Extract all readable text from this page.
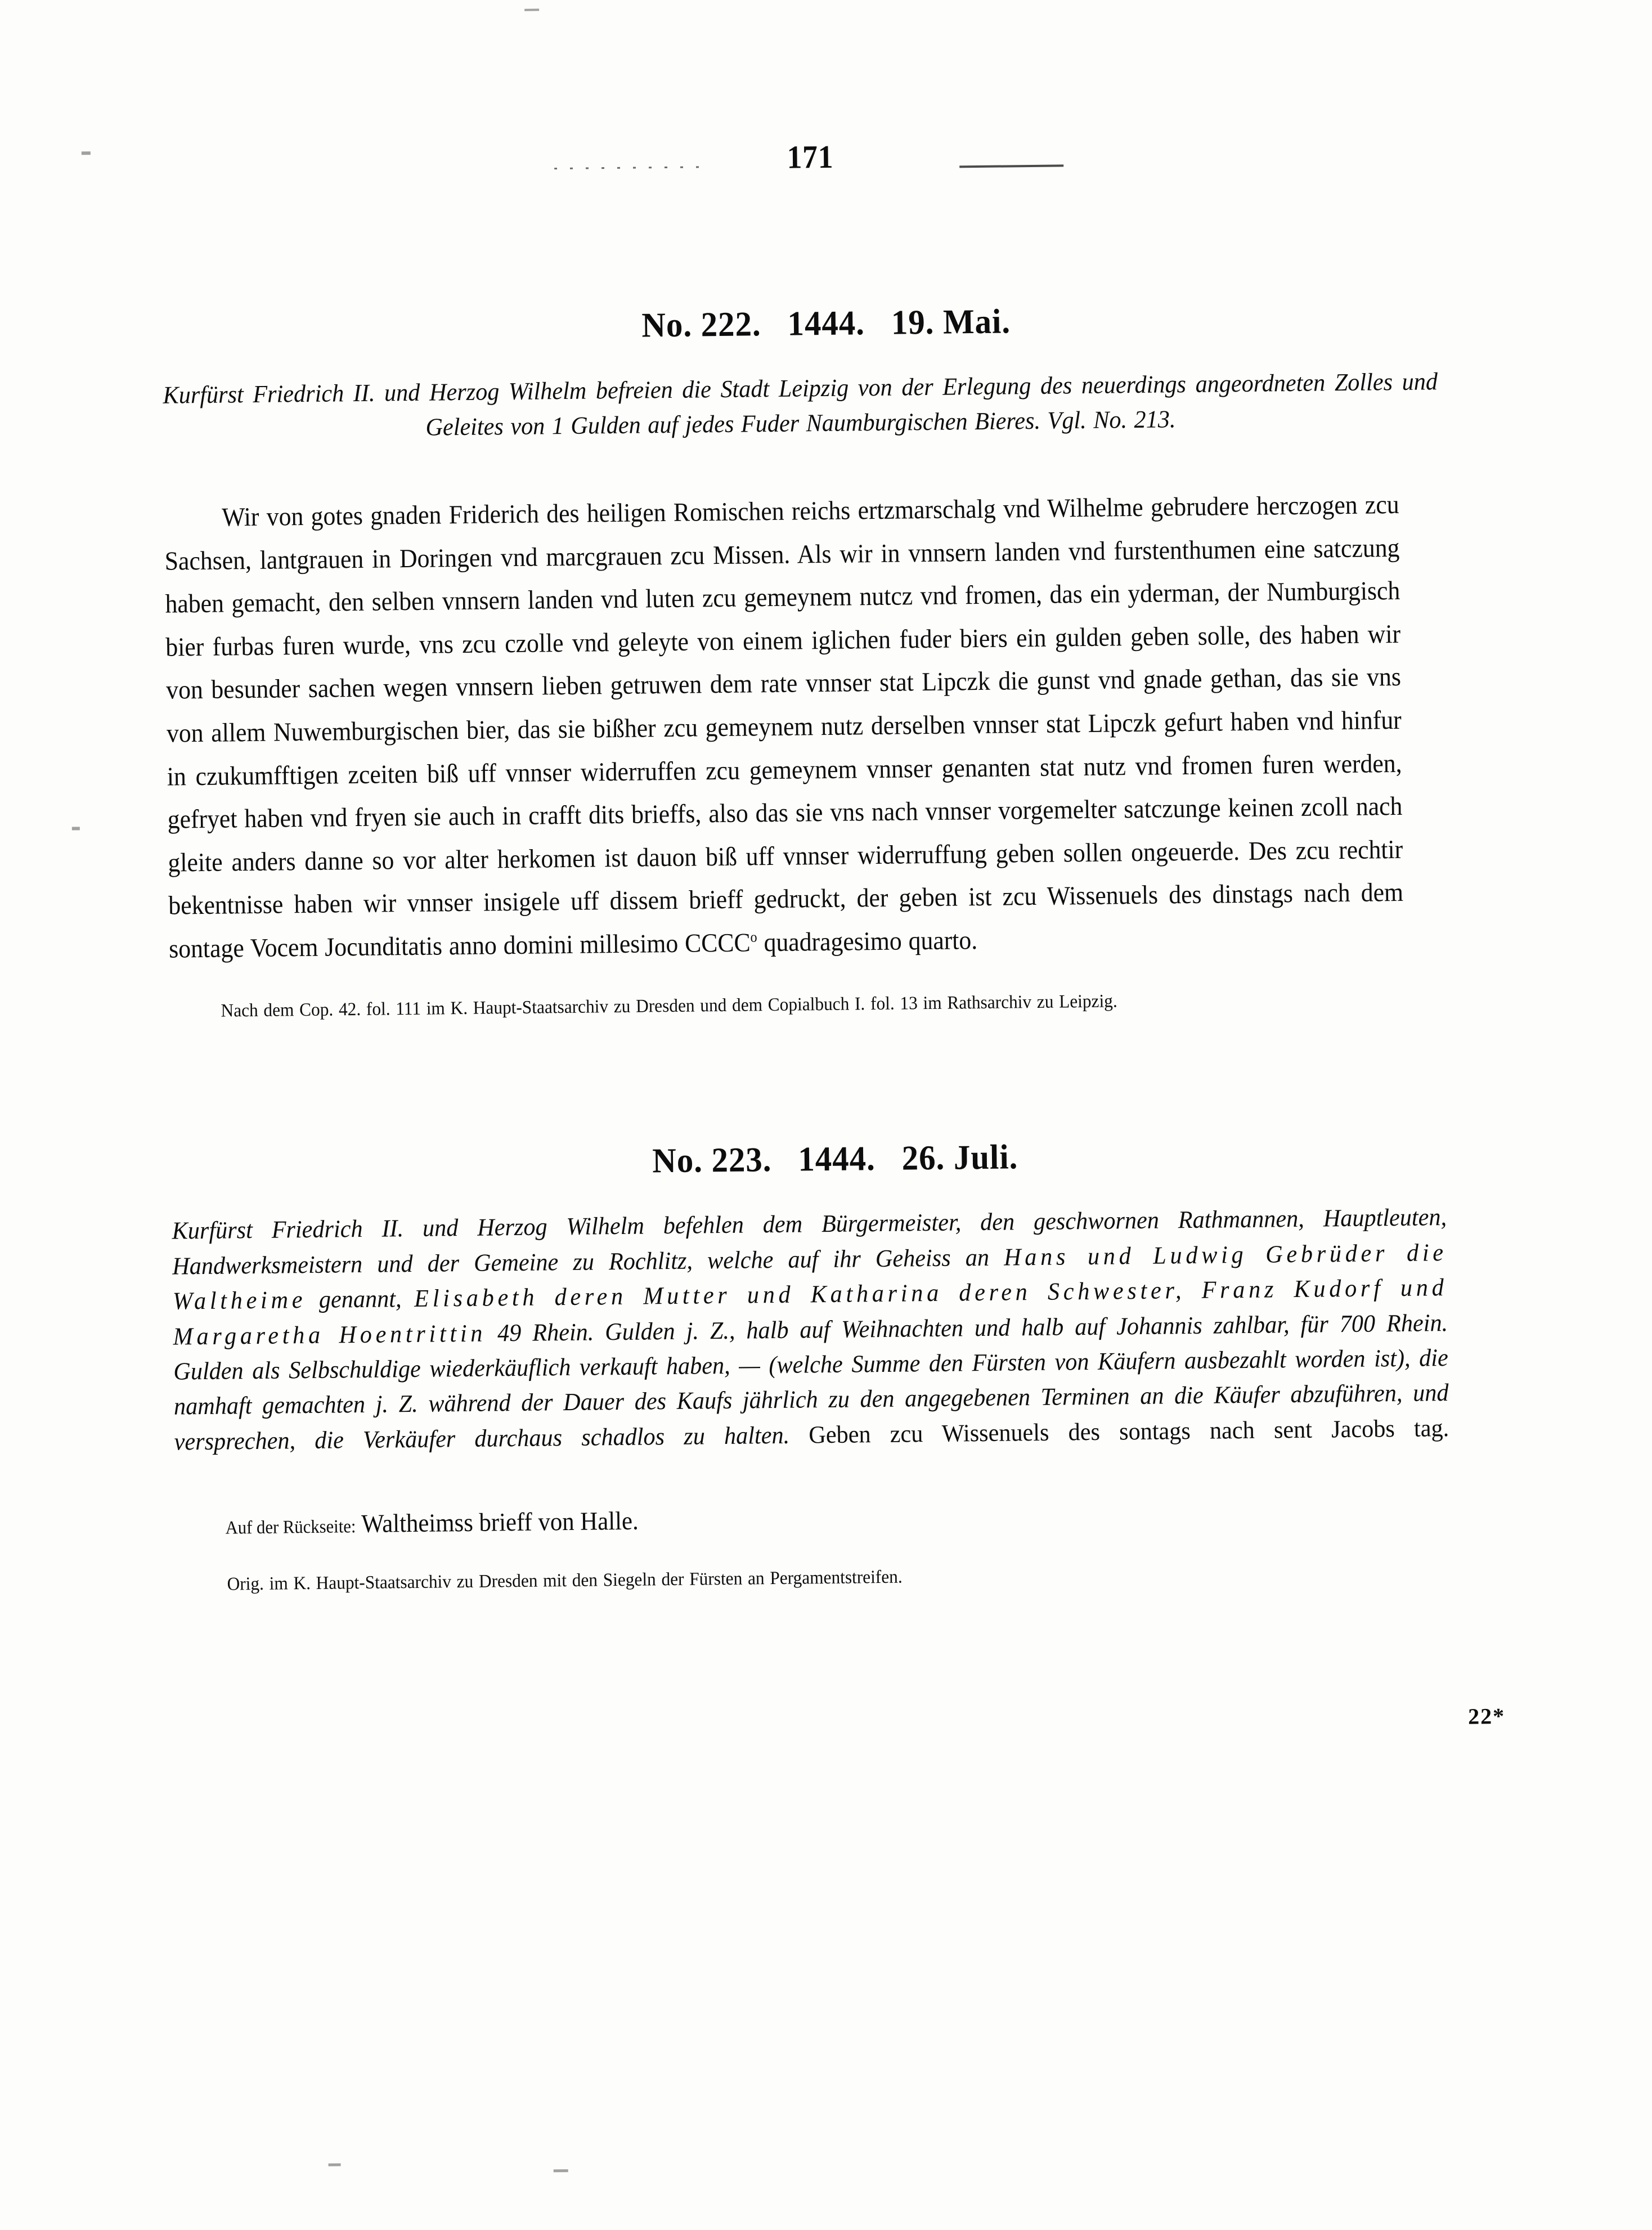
171
No. 222.   1444.   19. Mai.
Kurfürst Friedrich II. und Herzog Wilhelm befreien die Stadt Leipzig von der Erlegung des neuerdings angeordneten Zolles und Geleites von 1 Gulden auf jedes Fuder Naumburgischen Bieres. Vgl. No. 213.
Wir von gotes gnaden Friderich des heiligen Romischen reichs ertzmarschalg vnd Wilhelme gebrudere herczogen zcu Sachsen, lantgrauen in Doringen vnd marcgrauen zcu Missen. Als wir in vnnsern landen vnd furstenthumen eine satczung haben gemacht, den selben vnnsern landen vnd luten zcu gemeynem nutcz vnd fromen, das ein yderman, der Numburgisch bier furbas furen wurde, vns zcu czolle vnd geleyte von einem iglichen fuder biers ein gulden geben solle, des haben wir von besunder sachen wegen vnnsern lieben getruwen dem rate vnnser stat Lipczk die gunst vnd gnade gethan, das sie vns von allem Nuwemburgischen bier, das sie bißher zcu gemeynem nutz derselben vnnser stat Lipczk gefurt haben vnd hinfur in czukumfftigen zceiten biß uff vnnser widerruffen zcu gemeynem vnnser genanten stat nutz vnd fromen furen werden, gefryet haben vnd fryen sie auch in crafft dits brieffs, also das sie vns nach vnnser vorgemelter satczunge keinen zcoll nach gleite anders danne so vor alter herkomen ist dauon biß uff vnnser widerruffung geben sollen ongeuerde. Des zcu rechtir bekentnisse haben wir vnnser insigele uff dissem brieff gedruckt, der geben ist zcu Wissenuels des dinstags nach dem sontage Vocem Jocunditatis anno domini millesimo CCCC$^o$ quadragesimo quarto.
Nach dem Cop. 42. fol. 111 im K. Haupt-Staatsarchiv zu Dresden und dem Copialbuch I. fol. 13 im Rathsarchiv zu Leipzig.
No. 223.   1444.   26. Juli.
Kurfürst Friedrich II. und Herzog Wilhelm befehlen dem Bürgermeister, den geschwornen Rathmannen, Hauptleuten, Handwerksmeistern und der Gemeine zu Rochlitz, welche auf ihr Geheiss an Hans und Ludwig Gebrüder die Waltheime genannt, Elisabeth deren Mutter und Katharina deren Schwester, Franz Kudorf und Margaretha Hoentrittin 49 Rhein. Gulden j. Z., halb auf Weihnachten und halb auf Johannis zahlbar, für 700 Rhein. Gulden als Selbschuldige wiederkäuflich verkauft haben, — (welche Summe den Fürsten von Käufern ausbezahlt worden ist), die namhaft gemachten j. Z. während der Dauer des Kaufs jährlich zu den angegebenen Terminen an die Käufer abzuführen, und versprechen, die Verkäufer durchaus schadlos zu halten. Geben zcu Wissenuels des sontags nach sent Jacobs tag.
Auf der Rückseite: Waltheimss brieff von Halle.
Orig. im K. Haupt-Staatsarchiv zu Dresden mit den Siegeln der Fürsten an Pergamentstreifen.
22*
